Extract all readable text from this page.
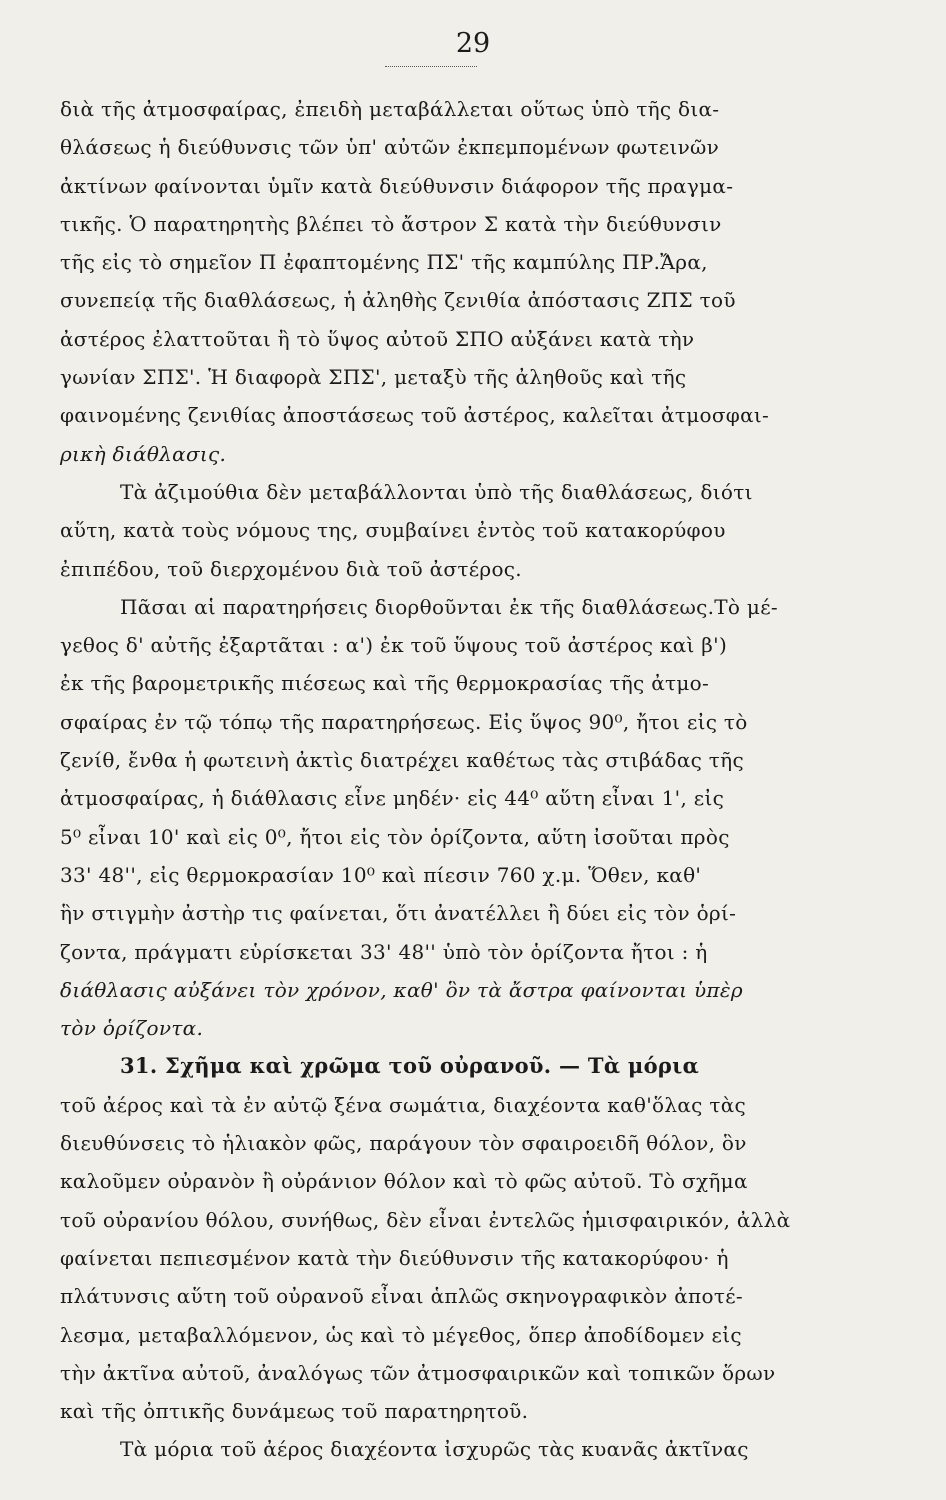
29
διὰ τῆς ἀτμοσφαίρας, ἐπειδὴ μεταβάλλεται οὕτως ὑπὸ τῆς δια-
θλάσεως ἡ διεύθυνσις τῶν ὑπ' αὐτῶν ἐκπεμπομένων φωτεινῶν
ἀκτίνων φαίνονται ὑμῖν κατὰ διεύθυνσιν διάφορον τῆς πραγμα-
τικῆς. Ὁ παρατηρητὴς βλέπει τὸ ἄστρον Σ κατὰ τὴν διεύθυνσιν
τῆς εἰς τὸ σημεῖον Π ἐφαπτομένης ΠΣ' τῆς καμπύλης ΠΡ.Ἄρα,
συνεπείᾳ τῆς διαθλάσεως, ἡ ἀληθὴς ζενιθία ἀπόστασις ΖΠΣ τοῦ
ἀστέρος ἐλαττοῦται ἢ τὸ ὕψος αὐτοῦ ΣΠΟ αὐξάνει κατὰ τὴν
γωνίαν ΣΠΣ'. Ἡ διαφορὰ ΣΠΣ', μεταξὺ τῆς ἀληθοῦς καὶ τῆς
φαινομένης ζενιθίας ἀποστάσεως τοῦ ἀστέρος, καλεῖται ἀτμοσφαι-
ρικὴ διάθλασις.
Τὰ ἀζιμούθια δὲν μεταβάλλονται ὑπὸ τῆς διαθλάσεως, διότι
αὕτη, κατὰ τοὺς νόμους της, συμβαίνει ἐντὸς τοῦ κατακορύφου
ἐπιπέδου, τοῦ διερχομένου διὰ τοῦ ἀστέρος.
Πᾶσαι αἱ παρατηρήσεις διορθοῦνται ἐκ τῆς διαθλάσεως.Τὸ μέ-
γεθος δ' αὐτῆς ἐξαρτᾶται : α') ἐκ τοῦ ὕψους τοῦ ἀστέρος καὶ β')
ἐκ τῆς βαρομετρικῆς πιέσεως καὶ τῆς θερμοκρασίας τῆς ἀτμο-
σφαίρας ἐν τῷ τόπῳ τῆς παρατηρήσεως. Εἰς ὕψος 90⁰, ἤτοι εἰς τὸ
ζενίθ, ἔνθα ἡ φωτεινὴ ἀκτὶς διατρέχει καθέτως τὰς στιβάδας τῆς
ἀτμοσφαίρας, ἡ διάθλασις εἶνε μηδέν· εἰς 44⁰ αὕτη εἶναι 1', εἰς
5⁰ εἶναι 10' καὶ εἰς 0⁰, ἤτοι εἰς τὸν ὁρίζοντα, αὕτη ἰσοῦται πρὸς
33' 48'', εἰς θερμοκρασίαν 10⁰ καὶ πίεσιν 760 χ.μ. Ὅθεν, καθ'
ἣν στιγμὴν ἀστὴρ τις φαίνεται, ὅτι ἀνατέλλει ἢ δύει εἰς τὸν ὁρί-
ζοντα, πράγματι εὑρίσκεται 33' 48'' ὑπὸ τὸν ὁρίζοντα ἤτοι : ἡ
διάθλασις αὐξάνει τὸν χρόνον, καθ' ὃν τὰ ἄστρα φαίνονται ὑπὲρ
τὸν ὁρίζοντα.
31. Σχῆμα καὶ χρῶμα τοῦ οὐρανοῦ. — Τὰ μόρια
τοῦ ἀέρος καὶ τὰ ἐν αὐτῷ ξένα σωμάτια, διαχέοντα καθ'ὅλας τὰς
διευθύνσεις τὸ ἡλιακὸν φῶς, παράγουν τὸν σφαιροειδῆ θόλον, ὃν
καλοῦμεν οὐρανὸν ἢ οὐράνιον θόλον καὶ τὸ φῶς αὐτοῦ. Τὸ σχῆμα
τοῦ οὐρανίου θόλου, συνήθως, δὲν εἶναι ἐντελῶς ἡμισφαιρικόν, ἀλλὰ
φαίνεται πεπιεσμένον κατὰ τὴν διεύθυνσιν τῆς κατακορύφου· ἡ
πλάτυνσις αὕτη τοῦ οὐρανοῦ εἶναι ἁπλῶς σκηνογραφικὸν ἀποτέ-
λεσμα, μεταβαλλόμενον, ὡς καὶ τὸ μέγεθος, ὅπερ ἀποδίδομεν εἰς
τὴν ἀκτῖνα αὐτοῦ, ἀναλόγως τῶν ἀτμοσφαιρικῶν καὶ τοπικῶν ὅρων
καὶ τῆς ὀπτικῆς δυνάμεως τοῦ παρατηρητοῦ.
Τὰ μόρια τοῦ ἀέρος διαχέοντα ἰσχυρῶς τὰς κυανᾶς ἀκτῖνας
